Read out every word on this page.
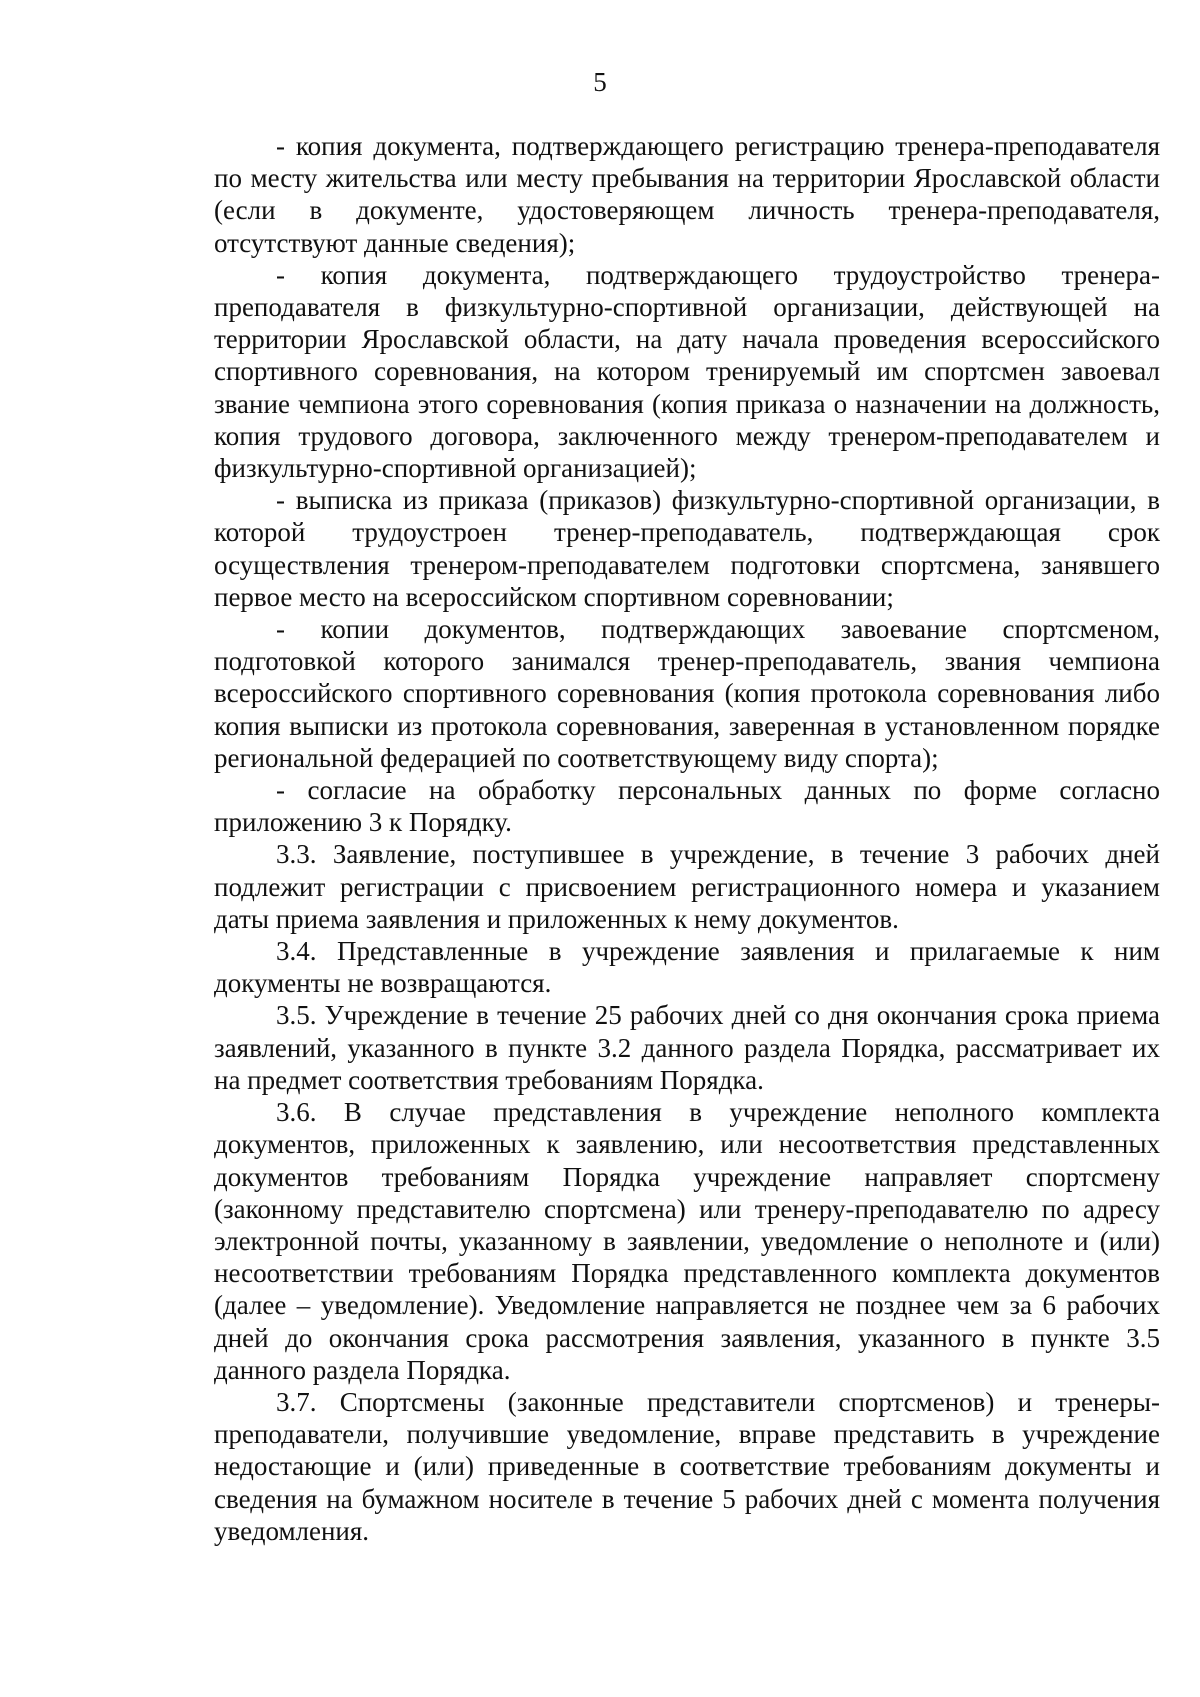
5

- копия документа, подтверждающего регистрацию тренера-преподавателя по месту жительства или месту пребывания на территории Ярославской области (если в документе, удостоверяющем личность тренера-преподавателя, отсутствуют данные сведения);

- копия документа, подтверждающего трудоустройство тренера-преподавателя в физкультурно-спортивной организации, действующей на территории Ярославской области, на дату начала проведения всероссийского спортивного соревнования, на котором тренируемый им спортсмен завоевал звание чемпиона этого соревнования (копия приказа о назначении на должность, копия трудового договора, заключенного между тренером-преподавателем и физкультурно-спортивной организацией);

- выписка из приказа (приказов) физкультурно-спортивной организации, в которой трудоустроен тренер-преподаватель, подтверждающая срок осуществления тренером-преподавателем подготовки спортсмена, занявшего первое место на всероссийском спортивном соревновании;

- копии документов, подтверждающих завоевание спортсменом, подготовкой которого занимался тренер-преподаватель, звания чемпиона всероссийского спортивного соревнования (копия протокола соревнования либо копия выписки из протокола соревнования, заверенная в установленном порядке региональной федерацией по соответствующему виду спорта);

- согласие на обработку персональных данных по форме согласно приложению 3 к Порядку.

3.3. Заявление, поступившее в учреждение, в течение 3 рабочих дней подлежит регистрации с присвоением регистрационного номера и указанием даты приема заявления и приложенных к нему документов.

3.4. Представленные в учреждение заявления и прилагаемые к ним документы не возвращаются.

3.5. Учреждение в течение 25 рабочих дней со дня окончания срока приема заявлений, указанного в пункте 3.2 данного раздела Порядка, рассматривает их на предмет соответствия требованиям Порядка.

3.6. В случае представления в учреждение неполного комплекта документов, приложенных к заявлению, или несоответствия представленных документов требованиям Порядка учреждение направляет спортсмену (законному представителю спортсмена) или тренеру-преподавателю по адресу электронной почты, указанному в заявлении, уведомление о неполноте и (или) несоответствии требованиям Порядка представленного комплекта документов (далее – уведомление). Уведомление направляется не позднее чем за 6 рабочих дней до окончания срока рассмотрения заявления, указанного в пункте 3.5 данного раздела Порядка.

3.7. Спортсмены (законные представители спортсменов) и тренеры-преподаватели, получившие уведомление, вправе представить в учреждение недостающие и (или) приведенные в соответствие требованиям документы и сведения на бумажном носителе в течение 5 рабочих дней с момента получения уведомления.
